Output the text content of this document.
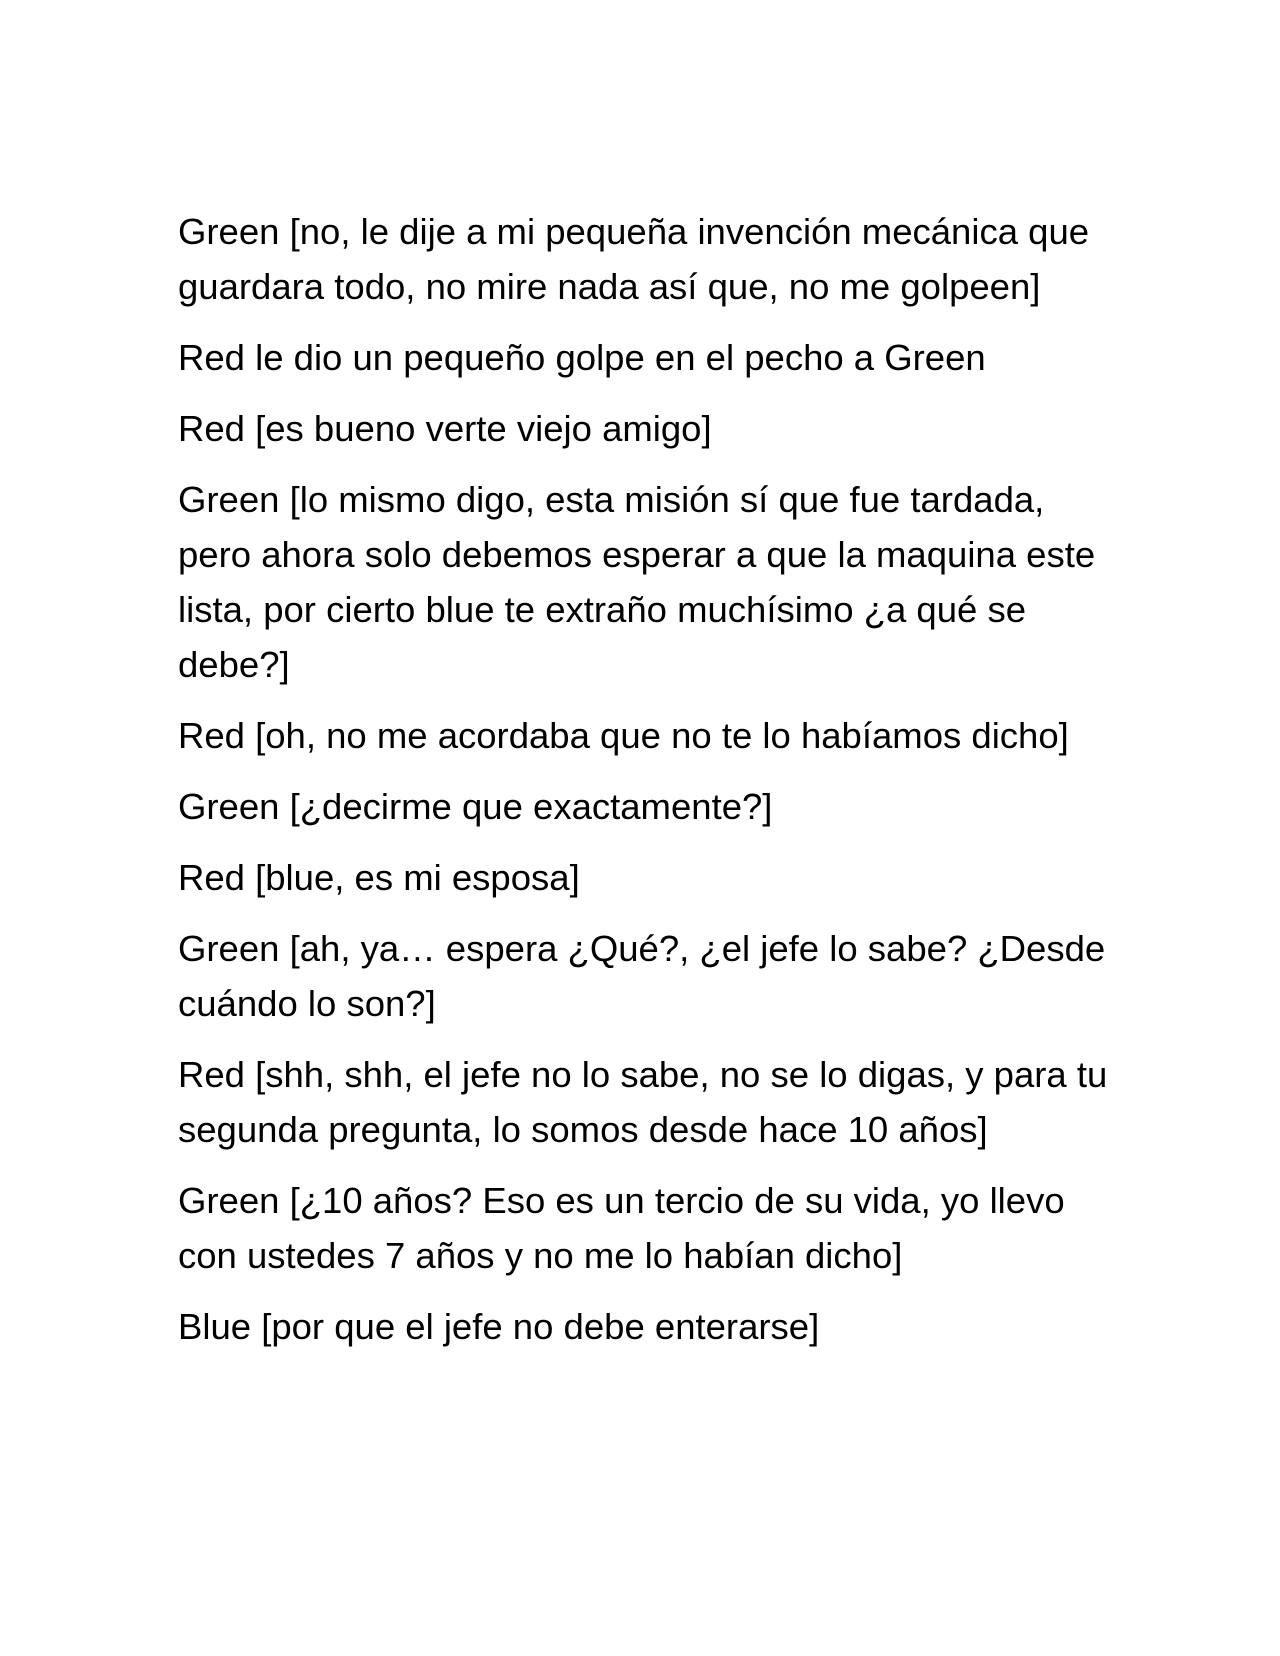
Green [no, le dije a mi pequeña invención mecánica que guardara todo, no mire nada así que, no me golpeen]

Red le dio un pequeño golpe en el pecho a Green

Red [es bueno verte viejo amigo]

Green [lo mismo digo, esta misión sí que fue tardada, pero ahora solo debemos esperar a que la maquina este lista, por cierto blue te extraño muchísimo ¿a qué se debe?]

Red [oh, no me acordaba que no te lo habíamos dicho]

Green [¿decirme que exactamente?]

Red [blue, es mi esposa]

Green [ah, ya… espera ¿Qué?, ¿el jefe lo sabe? ¿Desde cuándo lo son?]

Red [shh, shh, el jefe no lo sabe, no se lo digas, y para tu segunda pregunta, lo somos desde hace 10 años]

Green [¿10 años? Eso es un tercio de su vida, yo llevo con ustedes 7 años y no me lo habían dicho]

Blue [por que el jefe no debe enterarse]
